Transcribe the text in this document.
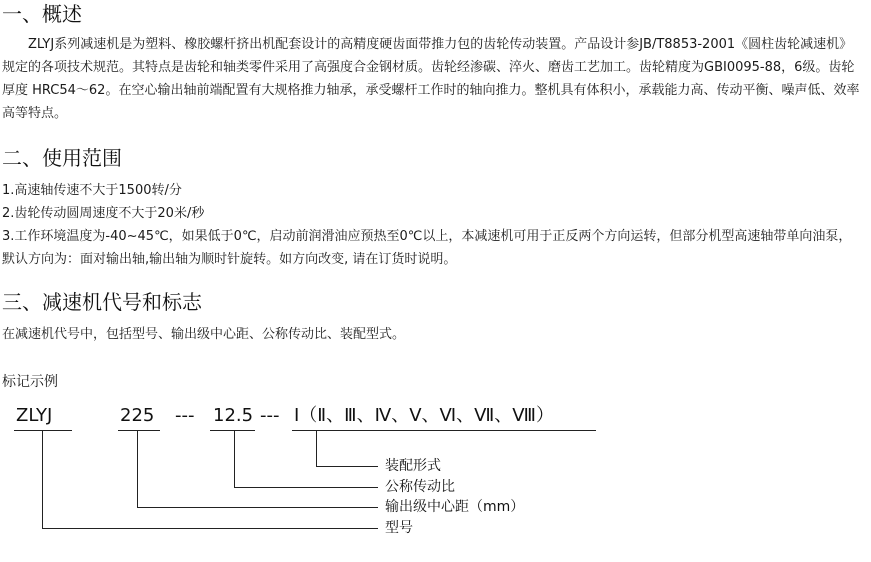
一、概述
ZLYJ系列减速机是为塑料、橡胶螺杆挤出机配套设计的高精度硬齿面带推力包的齿轮传动装置。产品设计参JB/T8853-2001《圆柱齿轮减速机》规定的各项技术规范。其特点是齿轮和轴类零件采用了高强度合金钢材质。齿轮经渗碳、淬火、磨齿工艺加工。齿轮精度为GBI0095-88，6级。齿轮厚度 HRC54～62。在空心输出轴前端配置有大规格推力轴承，承受螺杆工作时的轴向推力。整机具有体积小，承载能力高、传动平衡、噪声低、效率高等特点。
二、使用范围
1.高速轴传速不大于1500转/分
2.齿轮传动圆周速度不大于20米/秒
3.工作环境温度为-40~45℃，如果低于0℃，启动前润滑油应预热至0℃以上，本减速机可用于正反两个方向运转，但部分机型高速轴带单向油泵，默认方向为：面对输出轴,输出轴为顺时针旋转。如方向改变, 请在订货时说明。
三、减速机代号和标志
在减速机代号中，包括型号、输出级中心距、公称传动比、装配型式。
标记示例
ZLYJ	225 --- 12.5 --- I（Ⅱ、Ⅲ、Ⅳ、Ⅴ、Ⅵ、Ⅶ、Ⅷ）
装配形式
公称传动比
输出级中心距（mm）
型号
